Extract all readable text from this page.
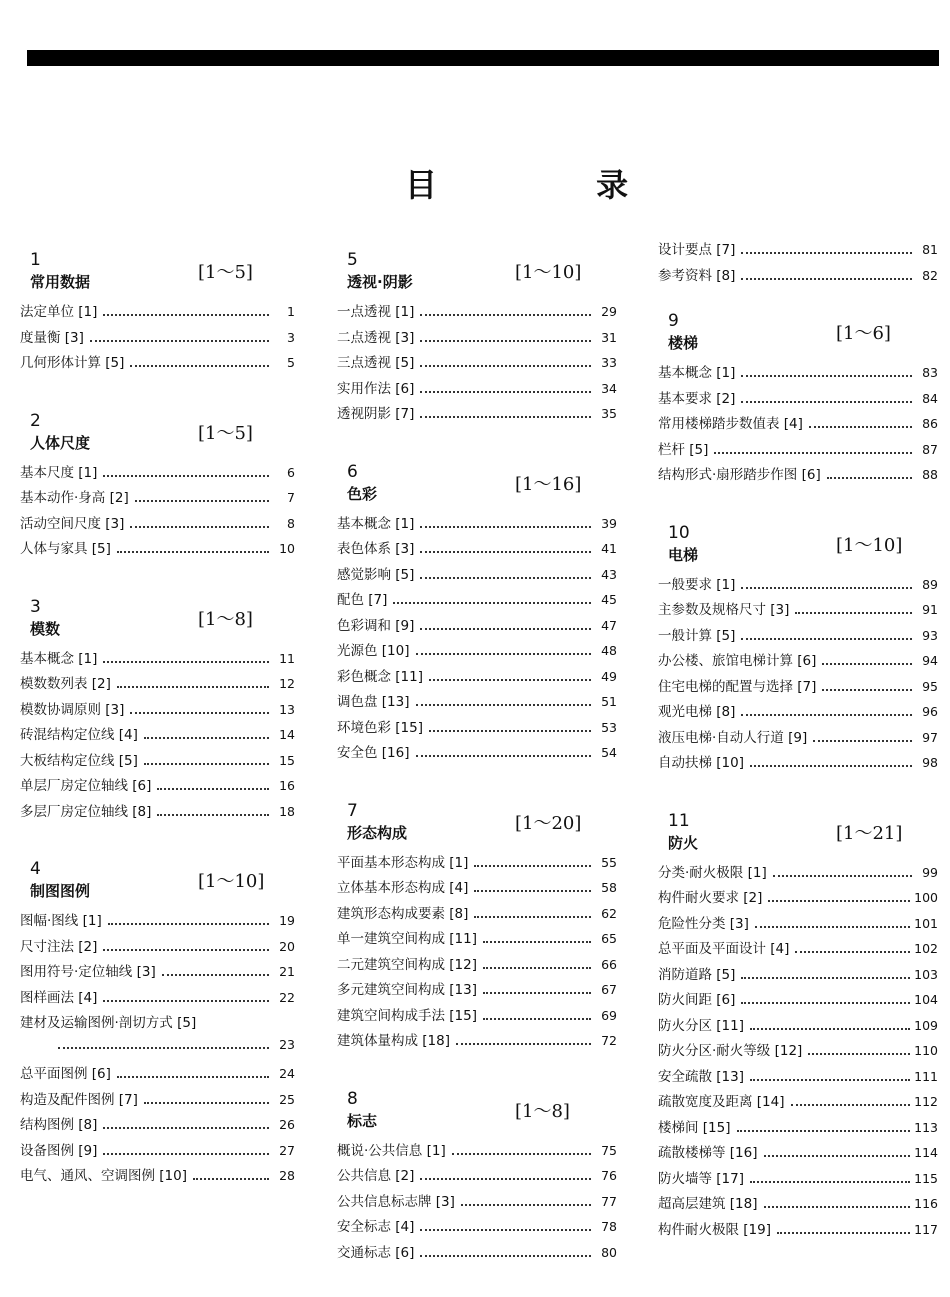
目 录
1
常用数据	[1～5]
法定单位 [1]	1
度量衡 [3]	3
几何形体计算 [5]	5
2
人体尺度	[1～5]
基本尺度 [1]	6
基本动作·身高 [2]	7
活动空间尺度 [3]	8
人体与家具 [5]	10
3
模数	[1～8]
基本概念 [1]	11
模数数列表 [2]	12
模数协调原则 [3]	13
砖混结构定位线 [4]	14
大板结构定位线 [5]	15
单层厂房定位轴线 [6]	16
多层厂房定位轴线 [8]	18
4
制图图例	[1～10]
图幅·图线 [1]	19
尺寸注法 [2]	20
图用符号·定位轴线 [3]	21
图样画法 [4]	22
建材及运输图例·剖切方式 [5]
23
总平面图例 [6]	24
构造及配件图例 [7]	25
结构图例 [8]	26
设备图例 [9]	27
电气、通风、空调图例 [10]	28
5
透视·阴影	[1～10]
一点透视 [1]	29
二点透视 [3]	31
三点透视 [5]	33
实用作法 [6]	34
透视阴影 [7]	35
6
色彩	[1～16]
基本概念 [1]	39
表色体系 [3]	41
感觉影响 [5]	43
配色 [7]	45
色彩调和 [9]	47
光源色 [10]	48
彩色概念 [11]	49
调色盘 [13]	51
环境色彩 [15]	53
安全色 [16]	54
7
形态构成	[1～20]
平面基本形态构成 [1]	55
立体基本形态构成 [4]	58
建筑形态构成要素 [8]	62
单一建筑空间构成 [11]	65
二元建筑空间构成 [12]	66
多元建筑空间构成 [13]	67
建筑空间构成手法 [15]	69
建筑体量构成 [18]	72
8
标志	[1～8]
概说·公共信息 [1]	75
公共信息 [2]	76
公共信息标志牌 [3]	77
安全标志 [4]	78
交通标志 [6]	80
设计要点 [7]	81
参考资料 [8]	82
9
楼梯	[1～6]
基本概念 [1]	83
基本要求 [2]	84
常用楼梯踏步数值表 [4]	86
栏杆 [5]	87
结构形式·扇形踏步作图 [6]	88
10
电梯	[1～10]
一般要求 [1]	89
主参数及规格尺寸 [3]	91
一般计算 [5]	93
办公楼、旅馆电梯计算 [6]	94
住宅电梯的配置与选择 [7]	95
观光电梯 [8]	96
液压电梯·自动人行道 [9]	97
自动扶梯 [10]	98
11
防火	[1～21]
分类·耐火极限 [1]	99
构件耐火要求 [2]	100
危险性分类 [3]	101
总平面及平面设计 [4]	102
消防道路 [5]	103
防火间距 [6]	104
防火分区 [11]	109
防火分区·耐火等级 [12]	110
安全疏散 [13]	111
疏散宽度及距离 [14]	112
楼梯间 [15]	113
疏散楼梯等 [16]	114
防火墙等 [17]	115
超高层建筑 [18]	116
构件耐火极限 [19]	117
